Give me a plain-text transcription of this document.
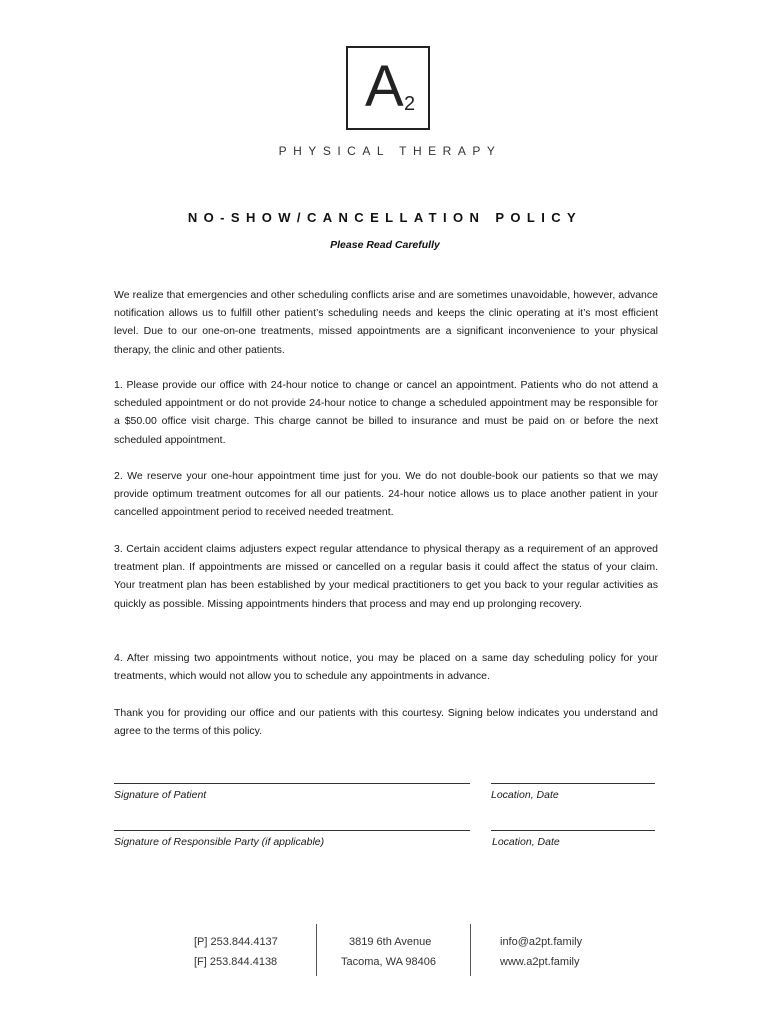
A 2
PHYSICAL THERAPY
NO-SHOW/CANCELLATION POLICY
Please Read Carefully

We realize that emergencies and other scheduling conflicts arise and are sometimes unavoidable, however, advance notification allows us to fulfill other patient’s scheduling needs and keeps the clinic operating at it’s most efficient level. Due to our one-on-one treatments, missed appointments are a significant inconvenience to your physical therapy, the clinic and other patients.

1. Please provide our office with 24-hour notice to change or cancel an appointment. Patients who do not attend a scheduled appointment or do not provide 24-hour notice to change a scheduled appointment may be responsible for a $50.00 office visit charge. This charge cannot be billed to insurance and must be paid on or before the next scheduled appointment.

2. We reserve your one-hour appointment time just for you. We do not double-book our patients so that we may provide optimum treatment outcomes for all our patients. 24-hour notice allows us to place another patient in your cancelled appointment period to received needed treatment.

3. Certain accident claims adjusters expect regular attendance to physical therapy as a requirement of an approved treatment plan. If appointments are missed or cancelled on a regular basis it could affect the status of your claim. Your treatment plan has been established by your medical practitioners to get you back to your regular activities as quickly as possible. Missing appointments hinders that process and may end up prolonging recovery.

4. After missing two appointments without notice, you may be placed on a same day scheduling policy for your treatments, which would not allow you to schedule any appointments in advance.

Thank you for providing our office and our patients with this courtesy. Signing below indicates you understand and agree to the terms of this policy.

Signature of Patient	Location, Date
Signature of Responsible Party (if applicable)	Location, Date
[P] 253.844.4137
[F] 253.844.4138
3819 6th Avenue
Tacoma, WA 98406
info@a2pt.family
www.a2pt.family
